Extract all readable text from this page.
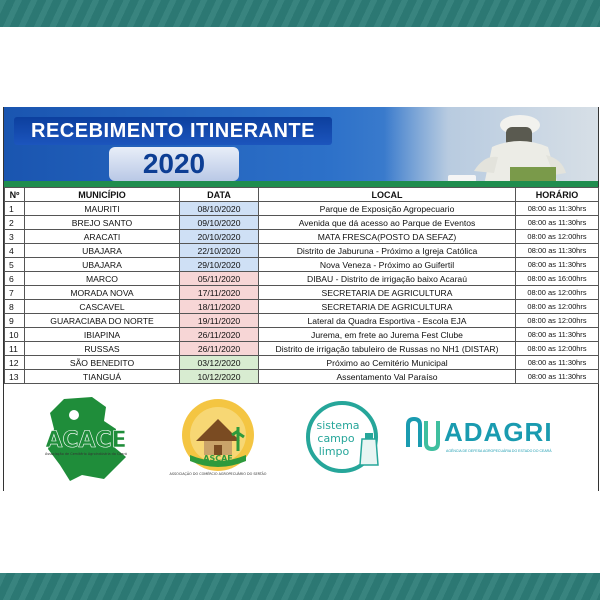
RECEBIMENTO ITINERANTE
2020
Nº	MUNICÍPIO	DATA	LOCAL	HORÁRIO
1	MAURITI	08/10/2020	Parque de Exposição Agropecuario	08:00 as 11:30hrs
2	BREJO SANTO	09/10/2020	Avenida que dá acesso ao Parque de Eventos	08:00 as 11:30hrs
3	ARACATI	20/10/2020	MATA FRESCA(POSTO DA SEFAZ)	08:00 as 12:00hrs
4	UBAJARA	22/10/2020	Distrito de Jaburuna - Próximo a Igreja Católica	08:00 as 11:30hrs
5	UBAJARA	29/10/2020	Nova Veneza - Próximo ao Guifertil	08:00 as 11:30hrs
6	MARCO	05/11/2020	DIBAU - Distrito de irrigação baixo Acaraú	08:00 as 16:00hrs
7	MORADA NOVA	17/11/2020	SECRETARIA DE AGRICULTURA	08:00 as 12:00hrs
8	CASCAVEL	18/11/2020	SECRETARIA DE AGRICULTURA	08:00 as 12:00hrs
9	GUARACIABA DO NORTE	19/11/2020	Lateral da Quadra Esportiva - Escola EJA	08:00 as 12:00hrs
10	IBIAPINA	26/11/2020	Jurema, em frete ao Jurema Fest Clube	08:00 as 11:30hrs
11	RUSSAS	26/11/2020	Distrito de irrigação tabuleiro de Russas no NH1 (DISTAR)	08:00 as 12:00hrs
12	SÃO BENEDITO	03/12/2020	Próximo ao Cemitério Municipal	08:00 as 11:30hrs
13	TIANGUÁ	10/12/2020	Assentamento Val Paraíso	08:00 as 11:30hrs
ACACE
Associação de Cemitério Agroindústria do Ceará	ASCAE
ASSOCIAÇÃO DO COMÉRCIO AGROPECUÁRIO DO SERTÃO
sistema
campo
limpo
ADAGRI
AGÊNCIA DE DEFESA AGROPECUÁRIA DO ESTADO DO CEARÁ
